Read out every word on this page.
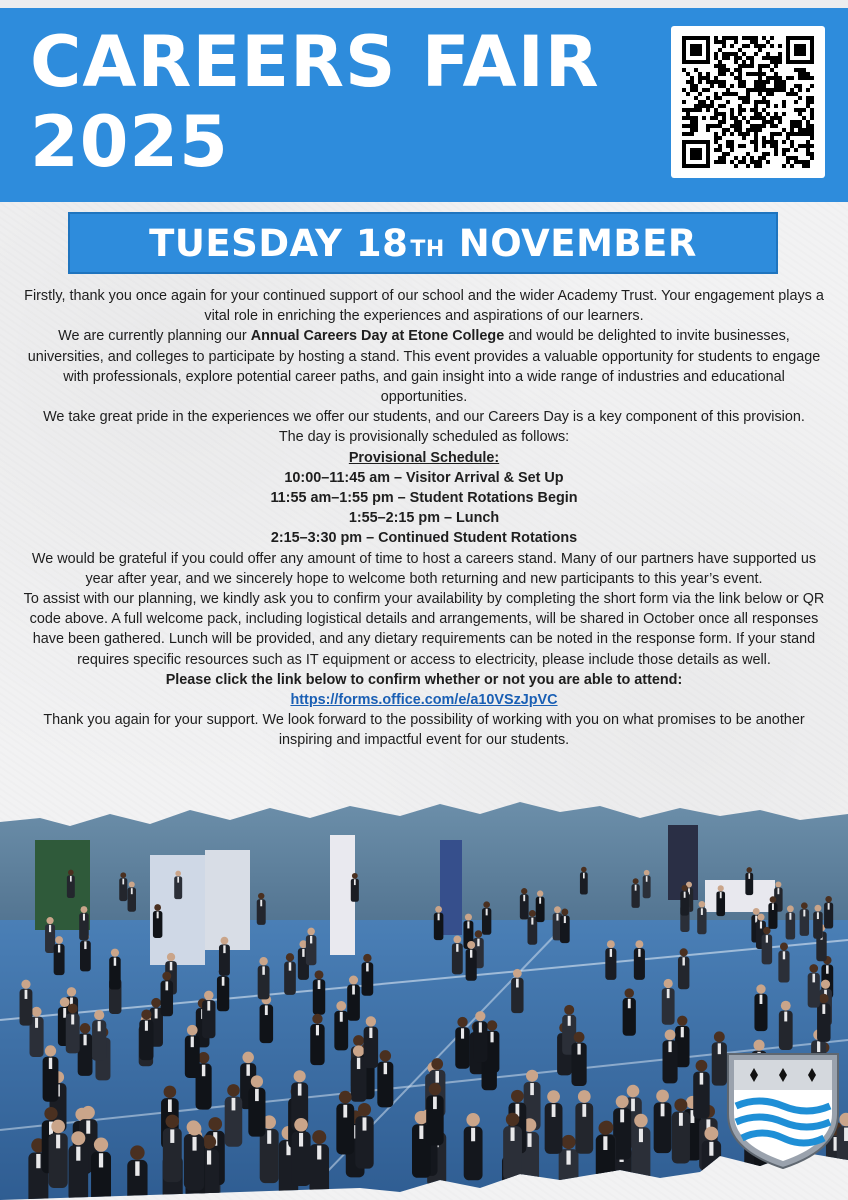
CAREERS FAIR
2025
TUESDAY
18 TH NOVEMBER

Firstly, thank you once again for your continued support of our school and the wider Academy Trust. Your engagement plays a vital role in enriching the experiences and aspirations of our learners.

We are currently planning our Annual Careers Day at Etone College and would be delighted to invite businesses, universities, and colleges to participate by hosting a stand. This event provides a valuable opportunity for students to engage with professionals, explore potential career paths, and gain insight into a wide range of industries and educational opportunities.

We take great pride in the experiences we offer our students, and our Careers Day is a key component of this provision.

The day is provisionally scheduled as follows:

Provisional Schedule:

10:00–11:45 am – Visitor Arrival & Set Up

11:55 am–1:55 pm – Student Rotations Begin

1:55–2:15 pm – Lunch

2:15–3:30 pm – Continued Student Rotations

We would be grateful if you could offer any amount of time to host a careers stand. Many of our partners have supported us year after year, and we sincerely hope to welcome both returning and new participants to this year’s event.

To assist with our planning, we kindly ask you to confirm your availability by completing the short form via the link below or QR code above. A full welcome pack, including logistical details and arrangements, will be shared in October once all responses have been gathered. Lunch will be provided, and any dietary requirements can be noted in the response form. If your stand requires specific resources such as IT equipment or access to electricity, please include those details as well.

Please click the link below to confirm whether or not you are able to attend:

https://forms.office.com/e/a10VSzJpVC

Thank you again for your support. We look forward to the possibility of working with you on what promises to be another inspiring and impactful event for our students.
